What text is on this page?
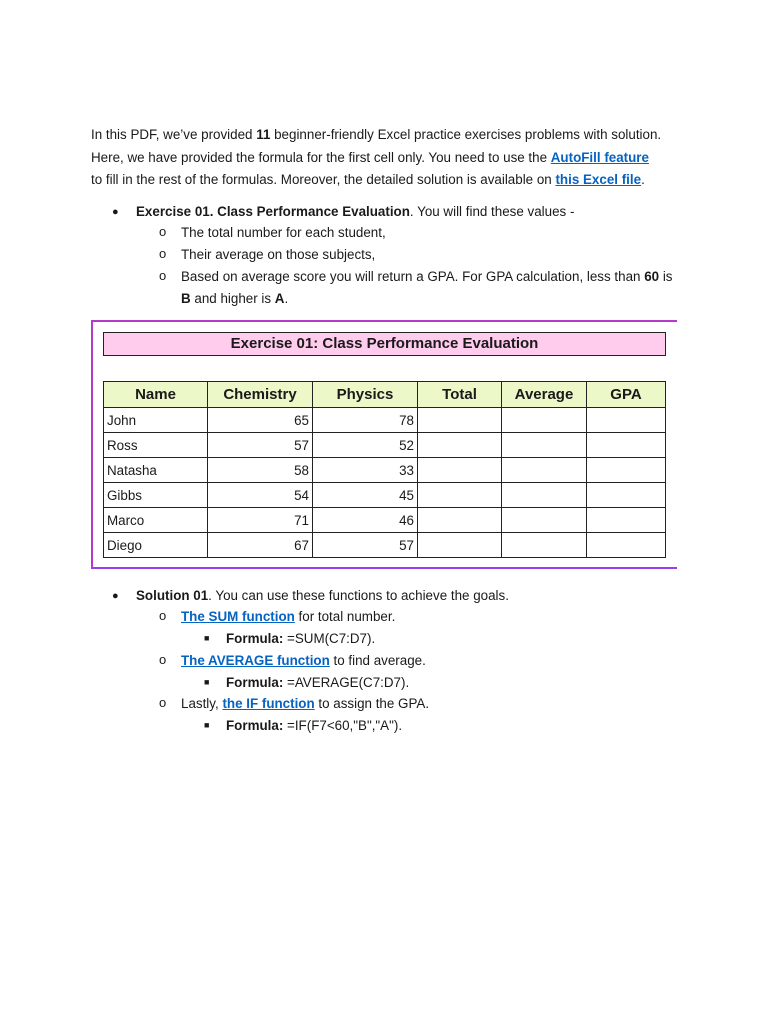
In this PDF, we’ve provided 11 beginner-friendly Excel practice exercises problems with solution.

Here, we have provided the formula for the first cell only. You need to use the AutoFill feature

to fill in the rest of the formulas. Moreover, the detailed solution is available on this Excel file.

● Exercise 01. Class Performance Evaluation. You will find these values -
o The total number for each student,
o Their average on those subjects,
o Based on average score you will return a GPA. For GPA calculation, less than 60 is
B and higher is A.
Exercise 01: Class Performance Evaluation
Name	Chemistry	Physics	Total	Average	GPA
John	65	78			
Ross	57	52			
Natasha	58	33			
Gibbs	54	45			
Marco	71	46			
Diego	67	57			
● Solution 01. You can use these functions to achieve the goals.
o The SUM function for total number.
■ Formula: =SUM(C7:D7).
o The AVERAGE function to find average.
■ Formula: =AVERAGE(C7:D7).
o Lastly, the IF function to assign the GPA.
■ Formula: =IF(F7<60,"B","A").
